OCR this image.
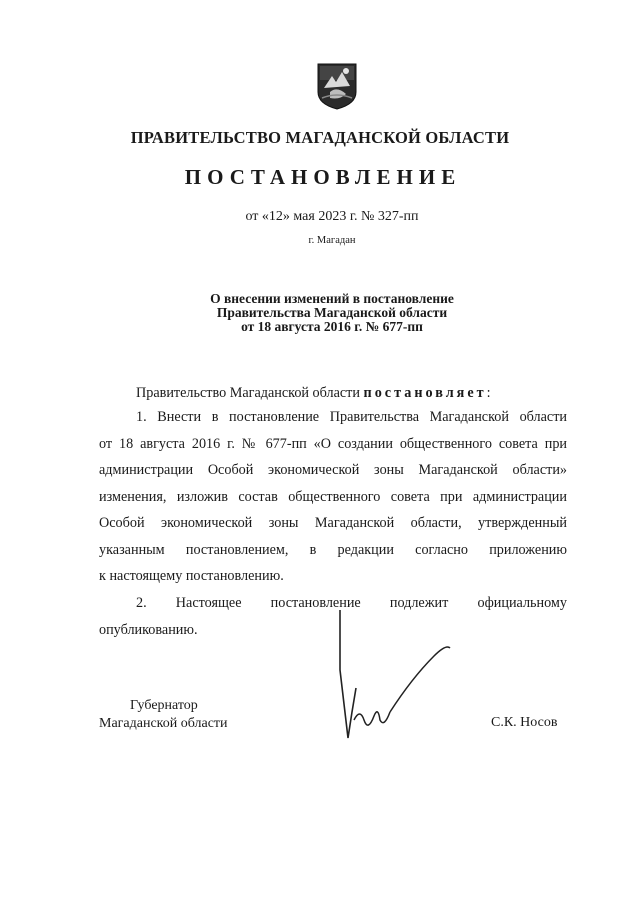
ПРАВИТЕЛЬСТВО МАГАДАНСКОЙ ОБЛАСТИ
ПОСТАНОВЛЕНИЕ
от «12» мая 2023 г. № 327-пп
г. Магадан
О внесении изменений в постановление
Правительства Магаданской области
от 18 августа 2016 г. № 677-пп
Правительство Магаданской области постановляет:
1. Внести в постановление Правительства Магаданской области
от 18 августа 2016 г. № 677-пп «О создании общественного совета при
администрации Особой экономической зоны Магаданской области»
изменения, изложив состав общественного совета при администрации
Особой экономической зоны Магаданской области, утвержденный
указанным постановлением, в редакции согласно приложению
к настоящему постановлению.
2. Настоящее постановление подлежит официальному
опубликованию.
Губернатор
Магаданской области	С.К. Носов
